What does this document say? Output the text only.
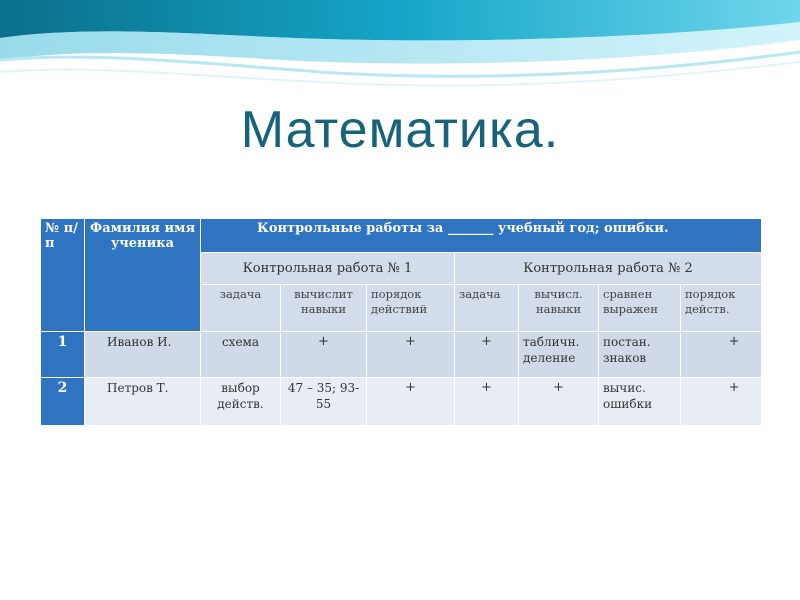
Математика.
№ п/п	Фамилия имя ученика	Контрольные работы за _______ учебный год; ошибки.						
		Контрольная работа № 1			Контрольная работа № 2			
		задача	вычислит навыки	порядок действий	задача	вычисл. навыки	сравнен выражен	порядок действ.
1	Иванов И.	схема	+	+	+	табличн. деление	постан. знаков	+
2	Петров Т.	выбор действ.	47 – 35; 93- 55	+	+	+	вычис. ошибки	+
